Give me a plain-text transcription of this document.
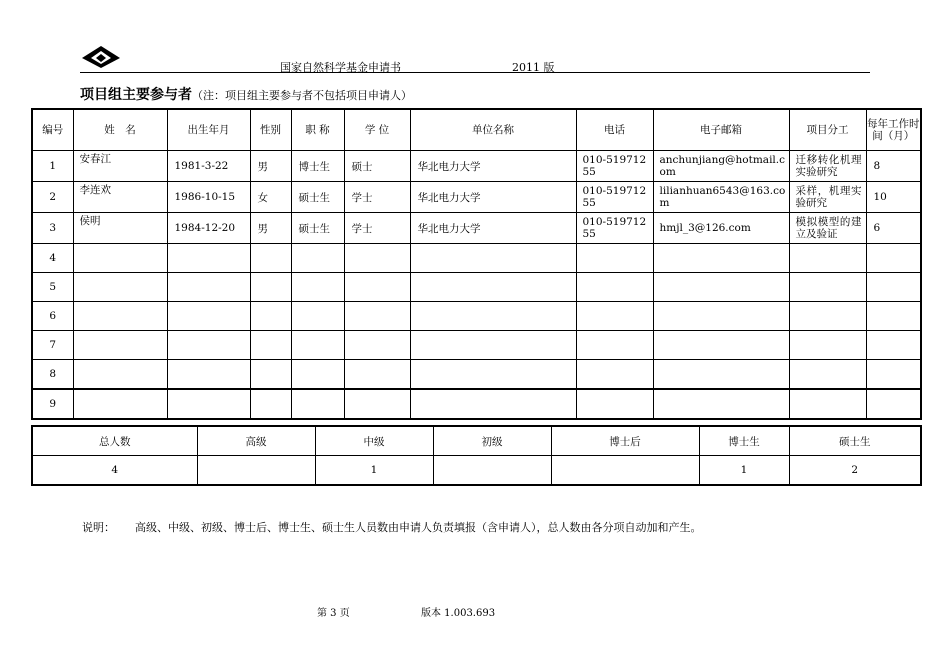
国家自然科学基金申请书	2011 版
项目组主要参与者（注：项目组主要参与者不包括项目申请人）
编号	姓　名	出生年月	性别	职 称	学 位	单位名称	电话	电子邮箱	项目分工	每年工作时间（月）
1	安春江	1981-3-22	男	博士生	硕士	华北电力大学	010-51971255	anchunjiang@hotmail.com	迁移转化机理实验研究	8
2	李连欢	1986-10-15	女	硕士生	学士	华北电力大学	010-51971255	lilianhuan6543@163.com	采样，机理实验研究	10
3	侯明	1984-12-20	男	硕士生	学士	华北电力大学	010-51971255	hmjl_3@126.com	模拟模型的建立及验证	6
4										
5										
6										
7										
8										
9										
总人数	高级	中级	初级	博士后	博士生	硕士生
4		1			1	2
说明： 高级、中级、初级、博士后、博士生、硕士生人员数由申请人负责填报（含申请人），总人数由各分项自动加和产生。
第 3 页	版本 1.003.693
